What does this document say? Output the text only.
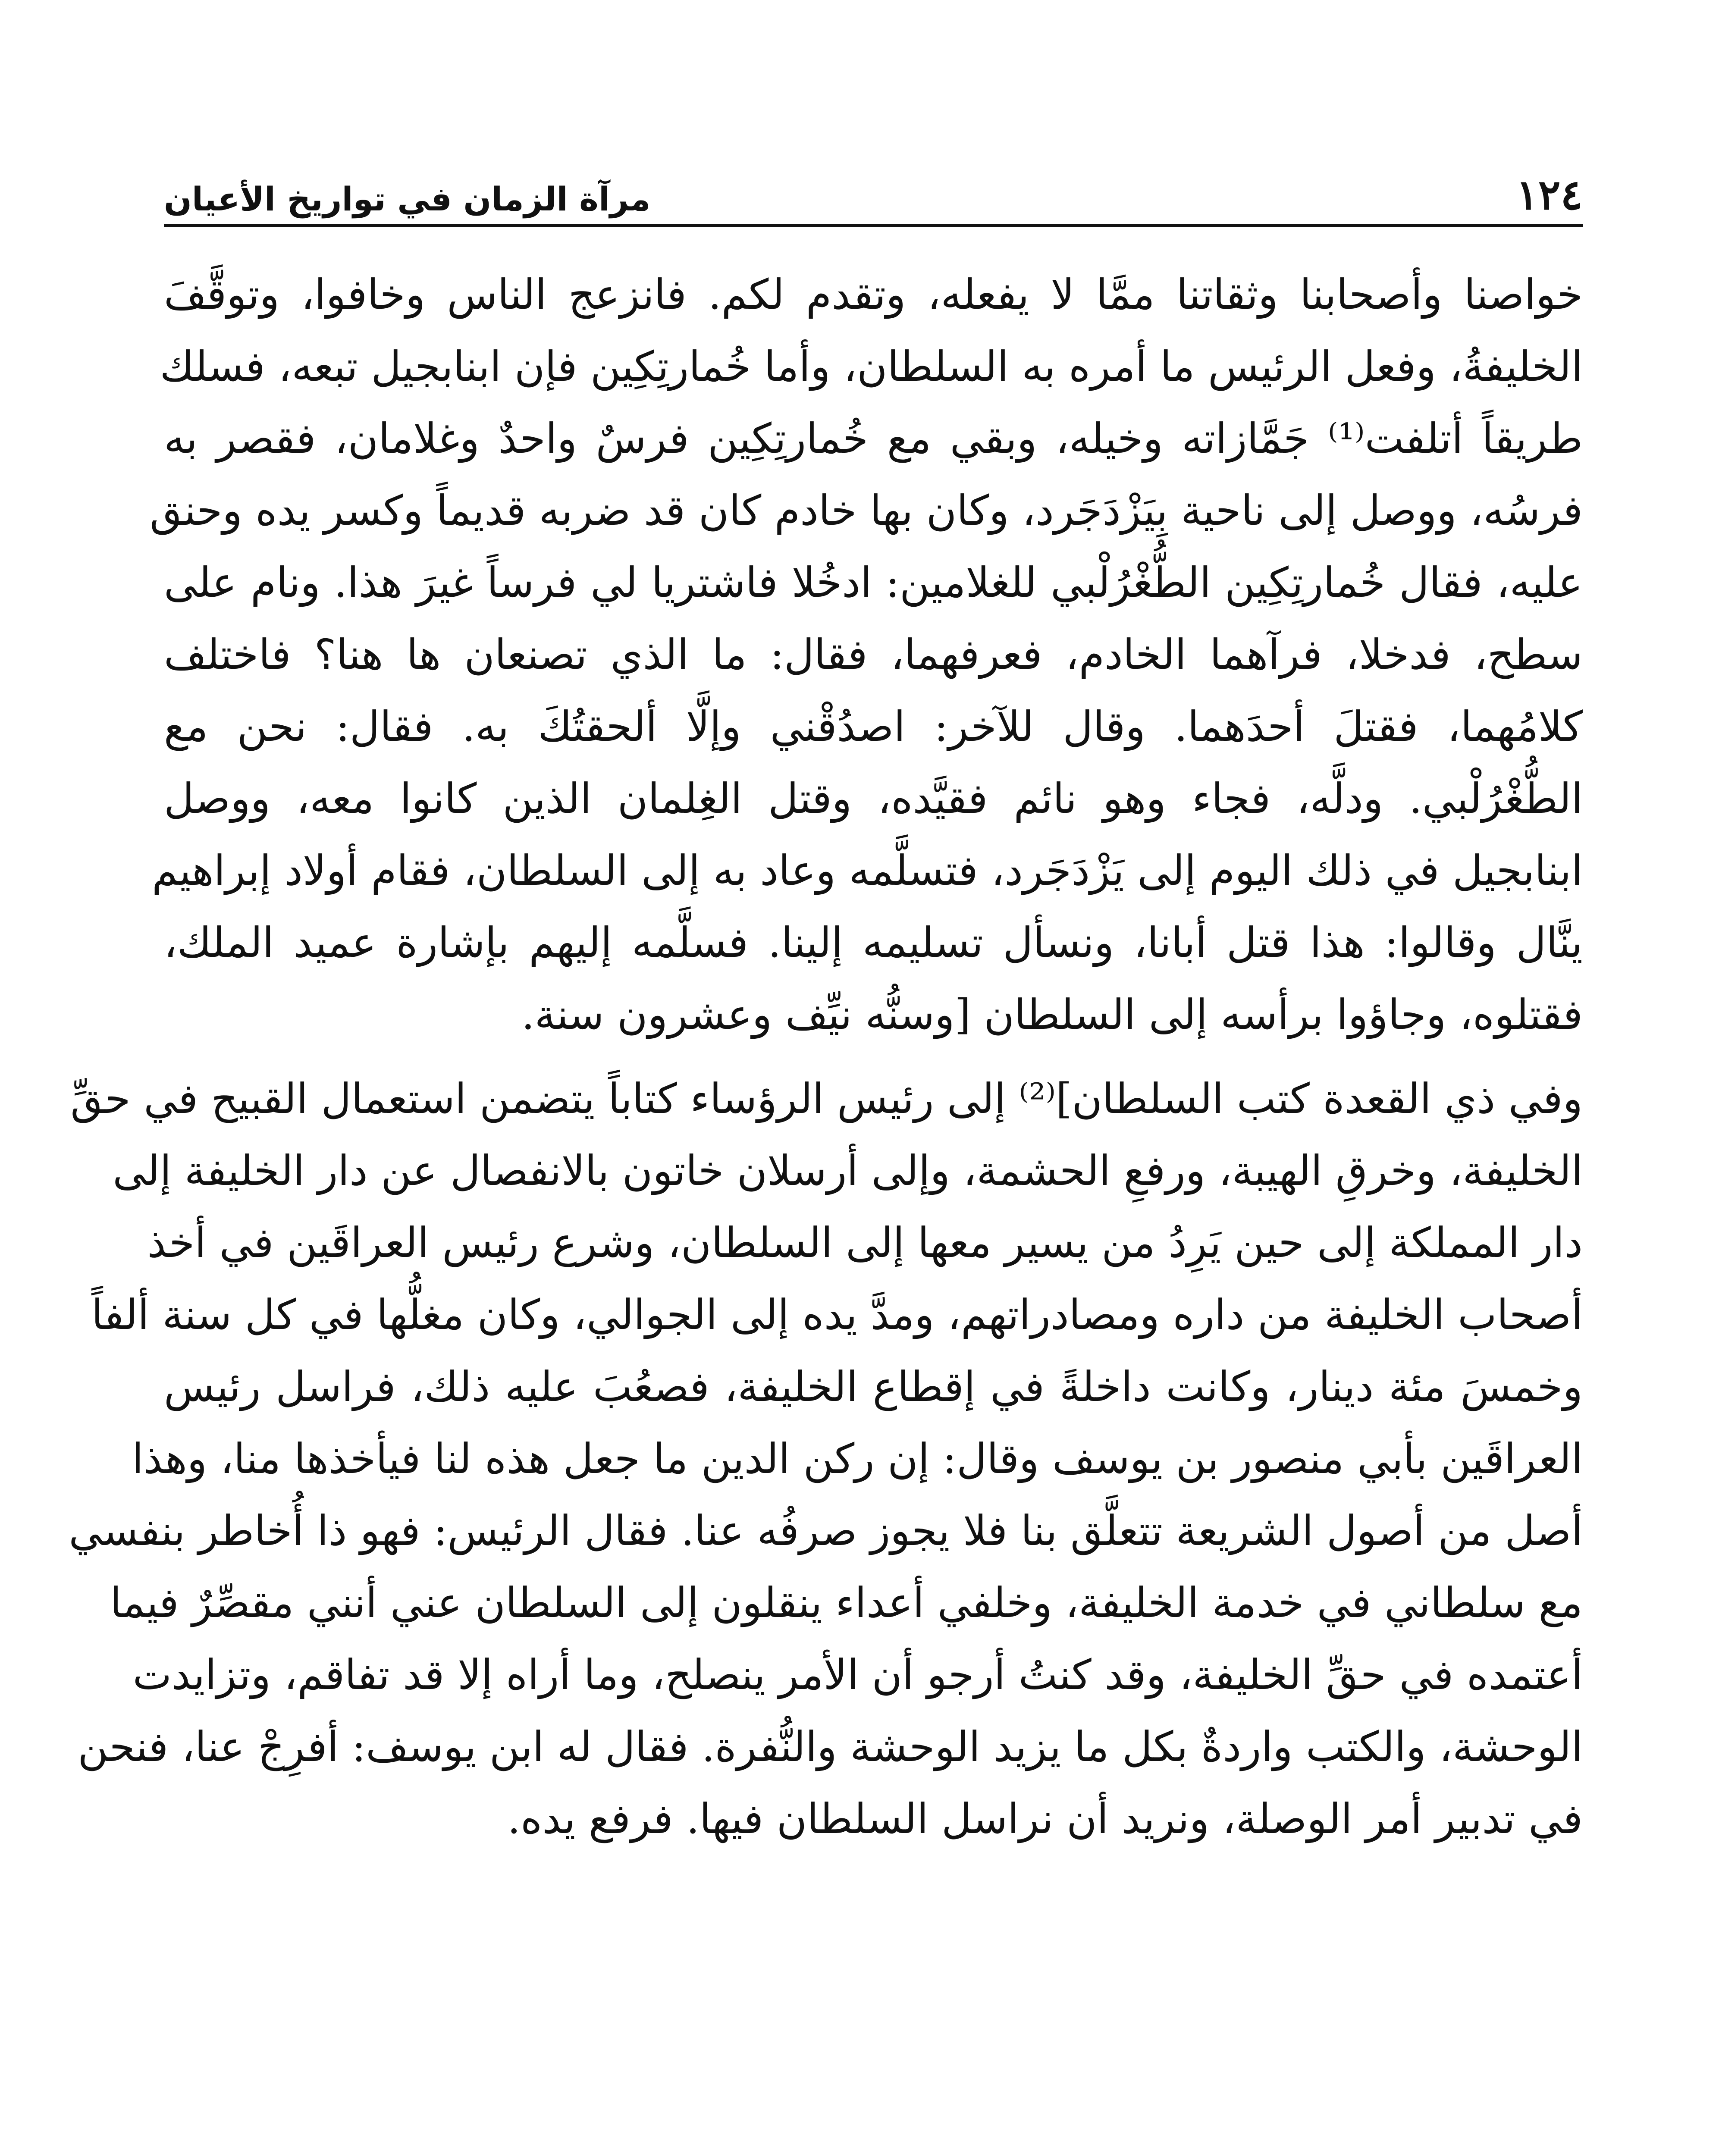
١٢٤
مرآة الزمان في تواريخ الأعيان
خواصنا وأصحابنا وثقاتنا ممَّا لا يفعله، وتقدم لكم. فانزعج الناس وخافوا، وتوقَّفَ
الخليفةُ، وفعل الرئيس ما أمره به السلطان، وأما خُمارتِكِين فإن ابنابجيل تبعه، فسلك
طريقاً أتلفت⁽¹⁾ جَمَّازاته وخيله، وبقي مع خُمارتِكِين فرسٌ واحدٌ وغلامان، فقصر به
فرسُه، ووصل إلى ناحية بِيَزْدَجَرد، وكان بها خادم كان قد ضربه قديماً وكسر يده وحنق
عليه، فقال خُمارتِكِين الطُّغْرُلْبي للغلامين: ادخُلا فاشتريا لي فرساً غيرَ هذا. ونام على
سطح، فدخلا، فرآهما الخادم، فعرفهما، فقال: ما الذي تصنعان ها هنا؟ فاختلف
كلامُهما، فقتلَ أحدَهما. وقال للآخر: اصدُقْني وإلَّا ألحقتُكَ به. فقال: نحن مع
الطُّغْرُلْبي. ودلَّه، فجاء وهو نائم فقيَّده، وقتل الغِلمان الذين كانوا معه، ووصل
ابنابجيل في ذلك اليوم إلى يَزْدَجَرد، فتسلَّمه وعاد به إلى السلطان، فقام أولاد إبراهيم
ينَّال وقالوا: هذا قتل أبانا، ونسأل تسليمه إلينا. فسلَّمه إليهم بإشارة عميد الملك،
فقتلوه، وجاؤوا برأسه إلى السلطان [وسنُّه نيِّف وعشرون سنة.
وفي ذي القعدة كتب السلطان]⁽²⁾ إلى رئيس الرؤساء كتاباً يتضمن استعمال القبيح في حقِّ
الخليفة، وخرقِ الهيبة، ورفعِ الحشمة، وإلى أرسلان خاتون بالانفصال عن دار الخليفة إلى
دار المملكة إلى حين يَرِدُ من يسير معها إلى السلطان، وشرع رئيس العراقَين في أخذ
أصحاب الخليفة من داره ومصادراتهم، ومدَّ يده إلى الجوالي، وكان مغلُّها في كل سنة ألفاً
وخمسَ مئة دينار، وكانت داخلةً في إقطاع الخليفة، فصعُبَ عليه ذلك، فراسل رئيس
العراقَين بأبي منصور بن يوسف وقال: إن ركن الدين ما جعل هذه لنا فيأخذها منا، وهذا
أصل من أصول الشريعة تتعلَّق بنا فلا يجوز صرفُه عنا. فقال الرئيس: فهو ذا أُخاطر بنفسي
مع سلطاني في خدمة الخليفة، وخلفي أعداء ينقلون إلى السلطان عني أنني مقصِّرٌ فيما
أعتمده في حقِّ الخليفة، وقد كنتُ أرجو أن الأمر ينصلح، وما أراه إلا قد تفاقم، وتزايدت
الوحشة، والكتب واردةٌ بكل ما يزيد الوحشة والنُّفرة. فقال له ابن يوسف: أفرِجْ عنا، فنحن
في تدبير أمر الوصلة، ونريد أن نراسل السلطان فيها. فرفع يده.
